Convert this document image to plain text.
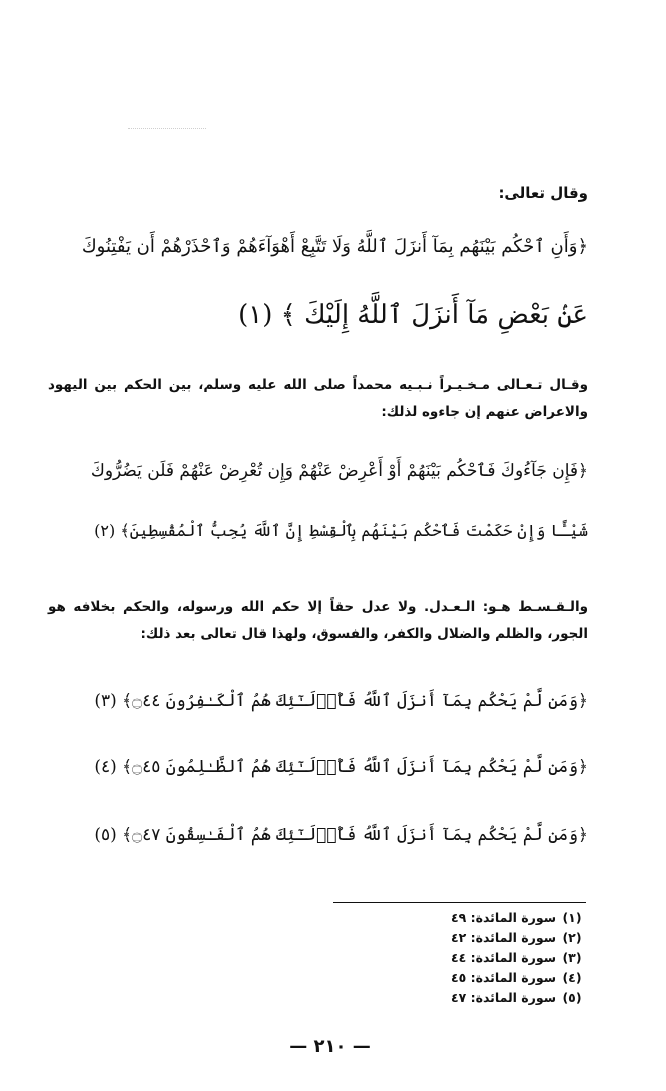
وقال تعالى:
﴿وَأَنِ ٱحْكُم بَيْنَهُم بِمَآ أَنزَلَ ٱللَّهُ وَلَا تَتَّبِعْ أَهْوَآءَهُمْ وَٱحْذَرْهُمْ أَن يَفْتِنُوكَ
عَنۢ بَعْضِ مَآ أَنزَلَ ٱللَّهُ إِلَيْكَ ﴾ (١)
وقـال تـعـالى مـخـيـراً نـبـيه محمداً صلى الله عليه وسلم، بين الحكم بين اليهود والاعراض عنهم إن جاءوه لذلك:
﴿فَإِن جَآءُوكَ فَٱحْكُم بَيْنَهُمْ أَوْ أَعْرِضْ عَنْهُمْ وَإِن تُعْرِضْ عَنْهُمْ فَلَن يَضُرُّوكَ
شَيْـًٔا وَإِنْ حَكَمْتَ فَٱحْكُم بَيْنَهُم بِٱلْقِسْطِ إِنَّ ٱللَّهَ يُحِبُّ ٱلْمُقْسِطِينَ﴾ (٢)
والـقـسـط هـو: الـعـدل. ولا عدل حقاً إلا حكم الله ورسوله، والحكم بخلافه هو الجور، والظلم والضلال والكفر، والفسوق، ولهذا قال تعالى بعد ذلك:
﴿وَمَن لَّمْ يَحْكُم بِمَآ أَنزَلَ ٱللَّهُ فَأُو۟لَـٰٓئِكَ هُمُ ٱلْكَـٰفِرُونَ ۝٤٤﴾ (٣)
﴿وَمَن لَّمْ يَحْكُم بِمَآ أَنزَلَ ٱللَّهُ فَأُو۟لَـٰٓئِكَ هُمُ ٱلظَّـٰلِمُونَ ۝٤٥﴾ (٤)
﴿وَمَن لَّمْ يَحْكُم بِمَآ أَنزَلَ ٱللَّهُ فَأُو۟لَـٰٓئِكَ هُمُ ٱلْفَـٰسِقُونَ ۝٤٧﴾ (٥)
(١)
سورة المائدة: ٤٩
(٢)
سورة المائدة: ٤٢
(٣)
سورة المائدة: ٤٤
(٤)
سورة المائدة: ٤٥
(٥)
سورة المائدة: ٤٧
— ٢١٠ —
